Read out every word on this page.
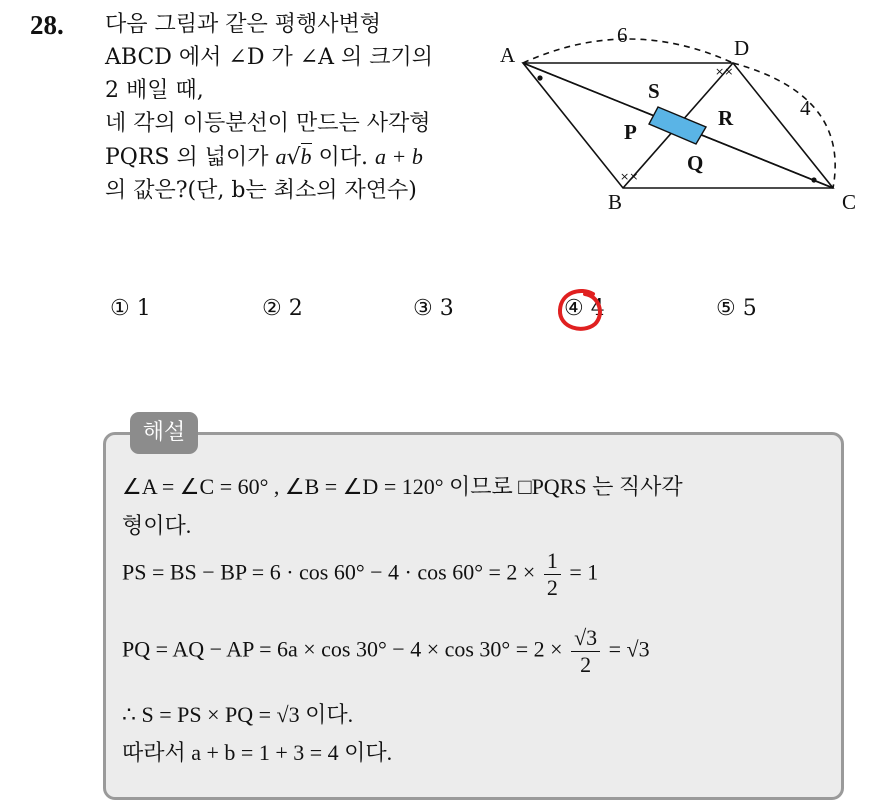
28. 다음 그림과 같은 평행사변형
ABCD 에서 ∠D 가 ∠A 의 크기의
2 배일 때,
네 각의 이등분선이 만드는 사각형
PQRS 의 넓이가 a√b 이다. a + b
의 값은?(단, b는 최소의 자연수)
××
××
A	D
B	C
S
P
R
Q
6
4
① 1	② 2	③ 3	④ 4	⑤ 5
해설
∠A = ∠C = 60° , ∠B = ∠D = 120° 이므로 □PQRS 는 직사각
형이다.
PS = BS − BP = $6 \cdot \cos 60^\circ - 4 \cdot \cos 60^\circ = 2 \times \frac{1}{2} = 1$
PQ = AQ − AP = $6a \times \cos 30^\circ - 4 \times \cos 30^\circ = 2 \times \frac{√3}{2} = √3$
∴ S = PS × PQ = √3 이다.
따라서 a + b = 1 + 3 = 4 이다.
